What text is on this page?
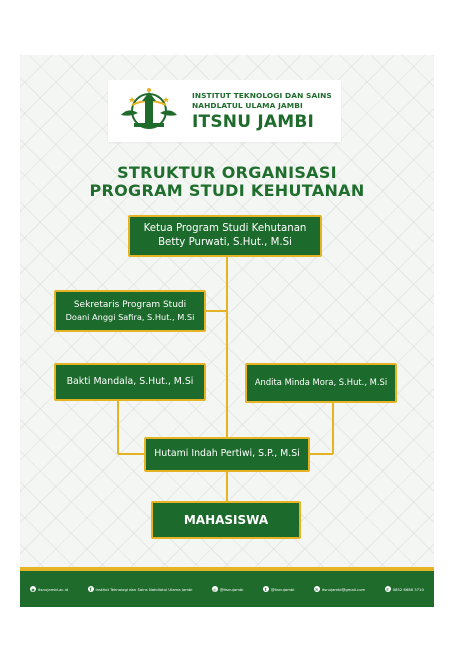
INSTITUT TEKNOLOGI DAN SAINS
NAHDLATUL ULAMA JAMBI
ITSNU JAMBI
STRUKTUR ORGANISASI
PROGRAM STUDI KEHUTANAN
Ketua Program Studi Kehutanan
Betty Purwati, S.Hut., M.Si
Sekretaris Program Studi
Doani Anggi Safira, S.Hut., M.Si
Bakti Mandala, S.Hut., M.Si	Andita Minda Mora, S.Hut., M.Si
Hutami Indah Pertiwi, S.P., M.Si
MAHASISWA
◉ itsnujambi.ac.id	f	Institut Teknologi dan Sains Nahdlatul Ulama Jambi	◎ @itsnujambi	t	@itsnujambi	✉ itsnujambi@gmail.com	✆ 0852 6686 3710
